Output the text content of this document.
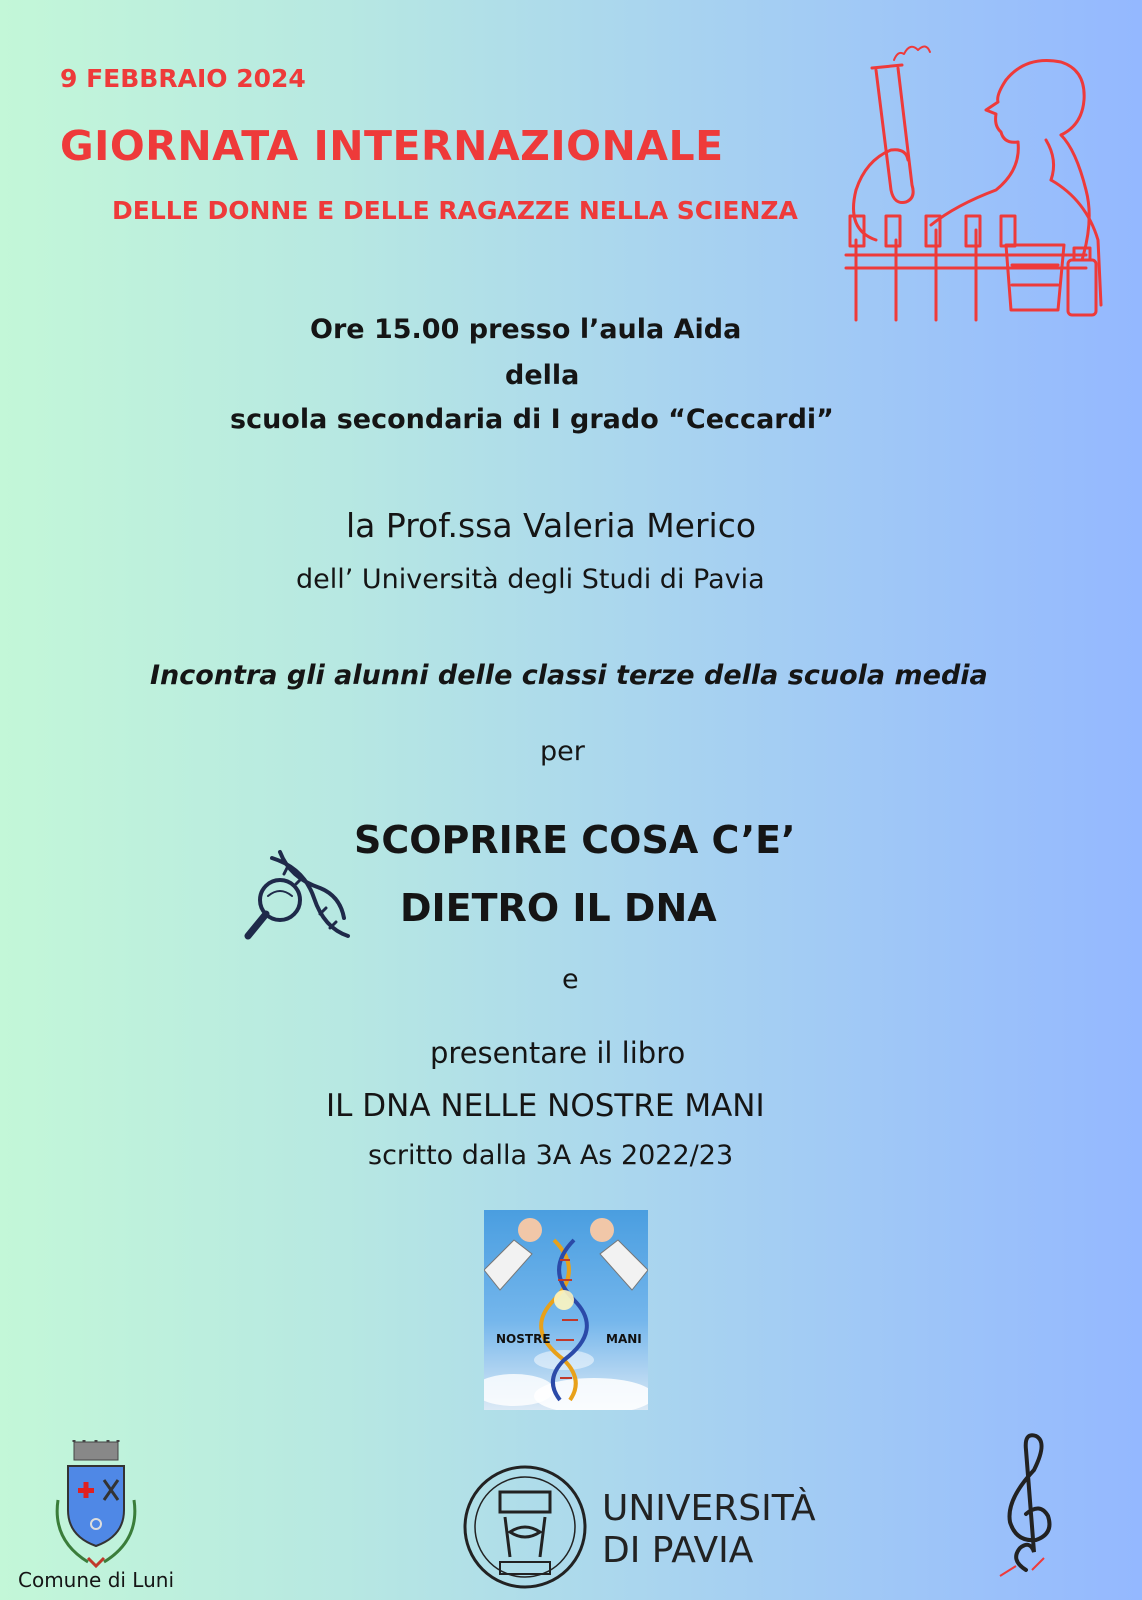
9 FEBBRAIO 2024
GIORNATA INTERNAZIONALE
DELLE DONNE E DELLE RAGAZZE NELLA SCIENZA
Ore 15.00 presso l’aula Aida
della
scuola secondaria di I grado “Ceccardi”
la Prof.ssa Valeria Merico
dell’ Università degli Studi di Pavia
Incontra gli alunni delle classi terze della scuola media
per
SCOPRIRE COSA C’E’
DIETRO IL DNA
e
presentare il libro
IL DNA NELLE NOSTRE MANI
scritto dalla 3A As 2022/23
NOSTRE	MANI
Comune di Luni
UNIVERSITÀ
DI PAVIA
